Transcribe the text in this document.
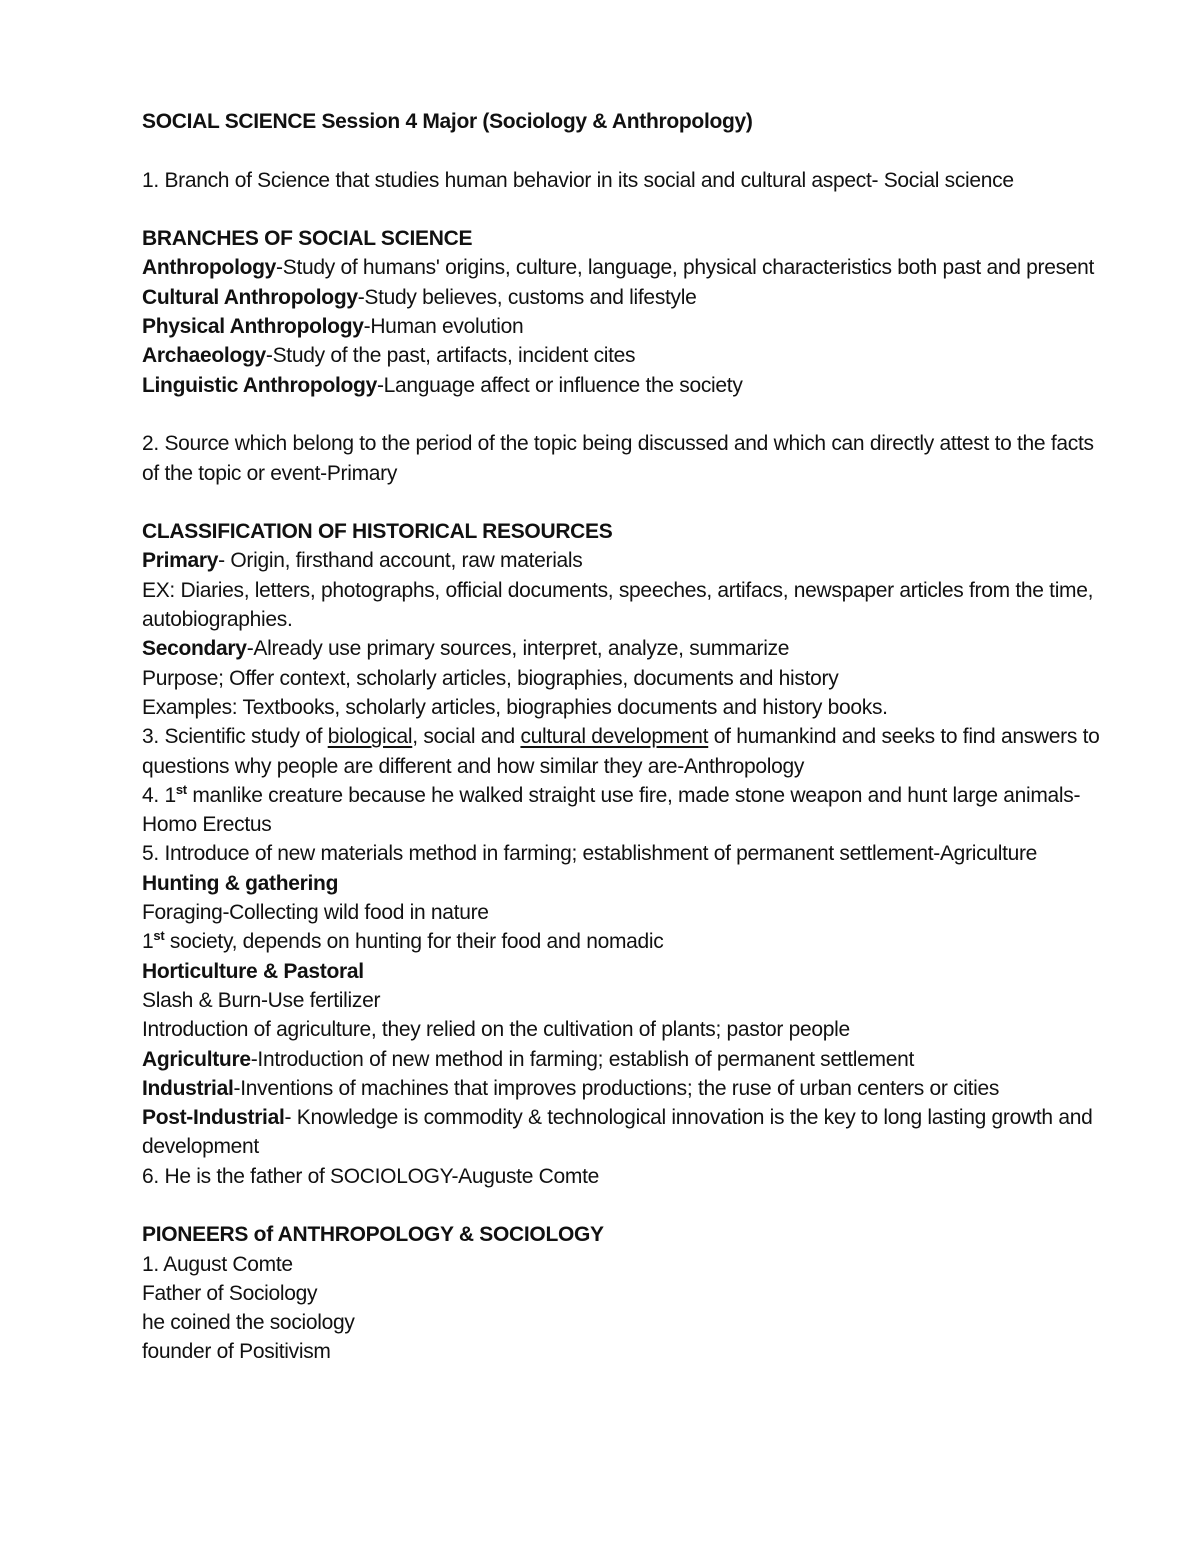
SOCIAL SCIENCE Session 4 Major (Sociology & Anthropology)
1. Branch of Science that studies human behavior in its social and cultural aspect- Social science
BRANCHES OF SOCIAL SCIENCE
Anthropology-Study of humans' origins, culture, language, physical characteristics both past and present
Cultural Anthropology-Study believes, customs and lifestyle
Physical Anthropology-Human evolution
Archaeology-Study of the past, artifacts, incident cites
Linguistic Anthropology-Language affect or influence the society
2. Source which belong to the period of the topic being discussed and which can directly attest to the facts
of the topic or event-Primary
CLASSIFICATION OF HISTORICAL RESOURCES
Primary- Origin, firsthand account, raw materials
EX: Diaries, letters, photographs, official documents, speeches, artifacs, newspaper articles from the time,
autobiographies.
Secondary-Already use primary sources, interpret, analyze, summarize
Purpose; Offer context, scholarly articles, biographies, documents and history
Examples: Textbooks, scholarly articles, biographies documents and history books.
3. Scientific study of biological, social and cultural development of humankind and seeks to find answers to
questions why people are different and how similar they are-Anthropology
4. 1st manlike creature because he walked straight use fire, made stone weapon and hunt large animals-
Homo Erectus
5. Introduce of new materials method in farming; establishment of permanent settlement-Agriculture
Hunting & gathering
Foraging-Collecting wild food in nature
1st society, depends on hunting for their food and nomadic
Horticulture & Pastoral
Slash & Burn-Use fertilizer
Introduction of agriculture, they relied on the cultivation of plants; pastor people
Agriculture-Introduction of new method in farming; establish of permanent settlement
Industrial-Inventions of machines that improves productions; the ruse of urban centers or cities
Post-Industrial- Knowledge is commodity & technological innovation is the key to long lasting growth and
development
6. He is the father of SOCIOLOGY-Auguste Comte
PIONEERS of ANTHROPOLOGY & SOCIOLOGY
1. August Comte
Father of Sociology
he coined the sociology
founder of Positivism
